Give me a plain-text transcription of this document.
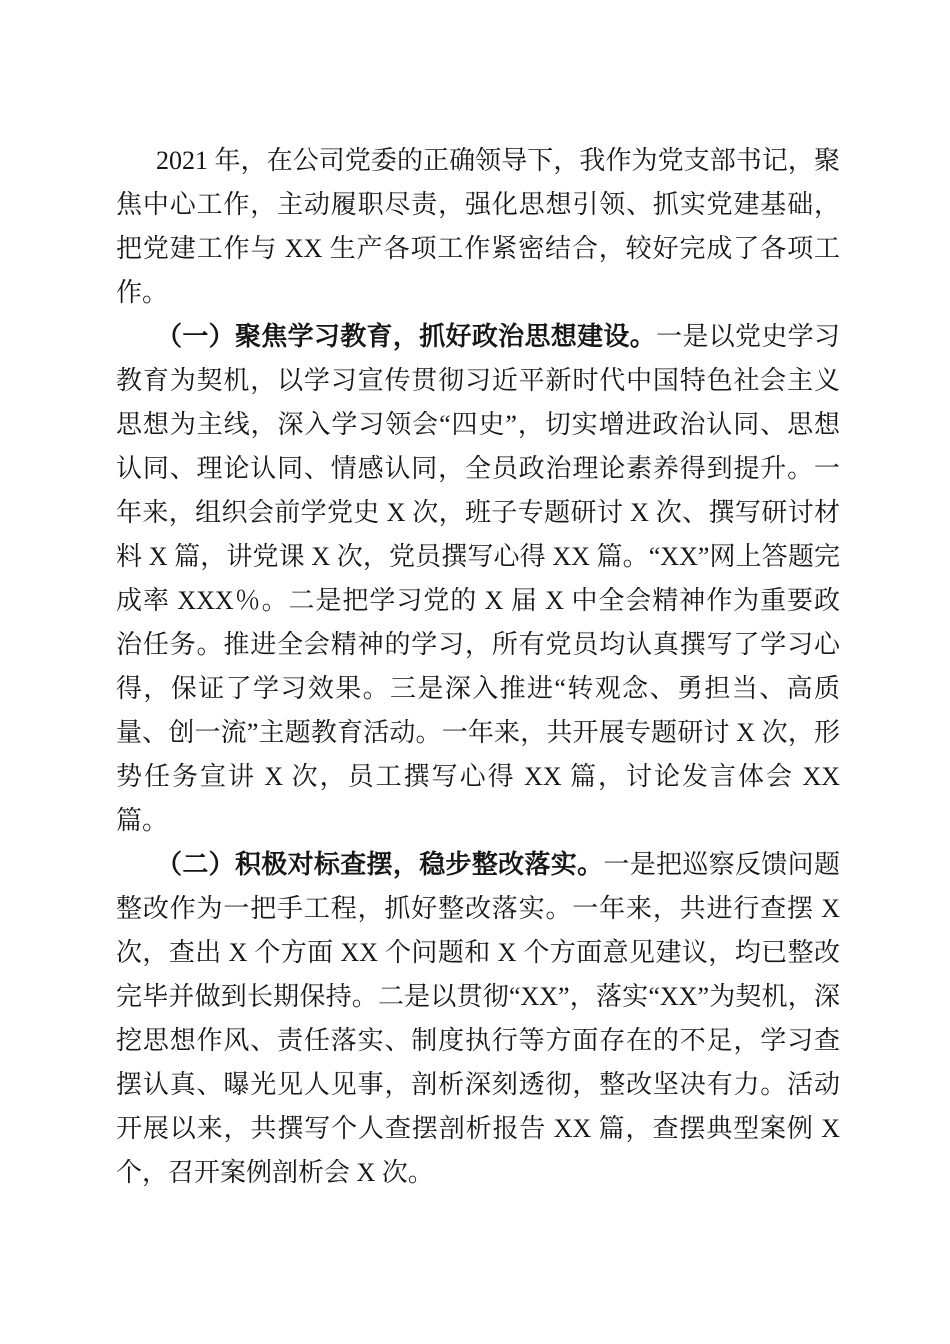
2021 年，在公司党委的正确领导下，我作为党支部书记，聚焦中心工作，主动履职尽责，强化思想引领、抓实党建基础，把党建工作与 XX 生产各项工作紧密结合，较好完成了各项工作。

（一）聚焦学习教育，抓好政治思想建设。一是以党史学习教育为契机，以学习宣传贯彻习近平新时代中国特色社会主义思想为主线，深入学习领会“四史”，切实增进政治认同、思想认同、理论认同、情感认同，全员政治理论素养得到提升。一年来，组织会前学党史 X 次，班子专题研讨 X 次、撰写研讨材料 X 篇，讲党课 X 次，党员撰写心得 XX 篇。“XX”网上答题完成率 XXX％。二是把学习党的 X 届 X 中全会精神作为重要政治任务。推进全会精神的学习，所有党员均认真撰写了学习心得，保证了学习效果。三是深入推进“转观念、勇担当、高质量、创一流”主题教育活动。一年来，共开展专题研讨 X 次，形势任务宣讲 X 次，员工撰写心得 XX 篇，讨论发言体会 XX 篇。

（二）积极对标查摆，稳步整改落实。一是把巡察反馈问题整改作为一把手工程，抓好整改落实。一年来，共进行查摆 X 次，查出 X 个方面 XX 个问题和 X 个方面意见建议，均已整改完毕并做到长期保持。二是以贯彻“XX”，落实“XX”为契机，深挖思想作风、责任落实、制度执行等方面存在的不足，学习查摆认真、曝光见人见事，剖析深刻透彻，整改坚决有力。活动开展以来，共撰写个人查摆剖析报告 XX 篇，查摆典型案例 X 个，召开案例剖析会 X 次。
